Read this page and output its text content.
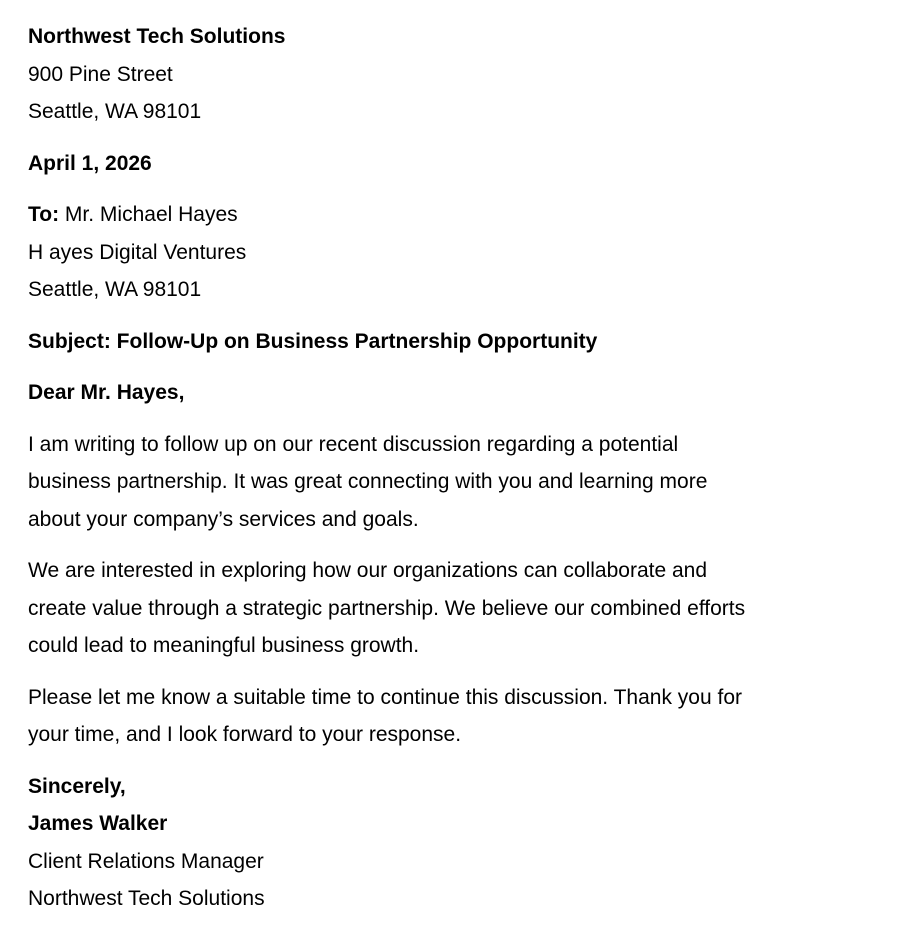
Northwest Tech Solutions
900 Pine Street
Seattle, WA 98101
April 1, 2026
To: Mr. Michael Hayes
H ayes Digital Ventures
Seattle, WA 98101
Subject: Follow-Up on Business Partnership Opportunity
Dear Mr. Hayes,
I am writing to follow up on our recent discussion regarding a potential
business partnership. It was great connecting with you and learning more
about your company’s services and goals.
We are interested in exploring how our organizations can collaborate and
create value through a strategic partnership. We believe our combined efforts
could lead to meaningful business growth.
Please let me know a suitable time to continue this discussion. Thank you for
your time, and I look forward to your response.
Sincerely,
James Walker
Client Relations Manager
Northwest Tech Solutions
